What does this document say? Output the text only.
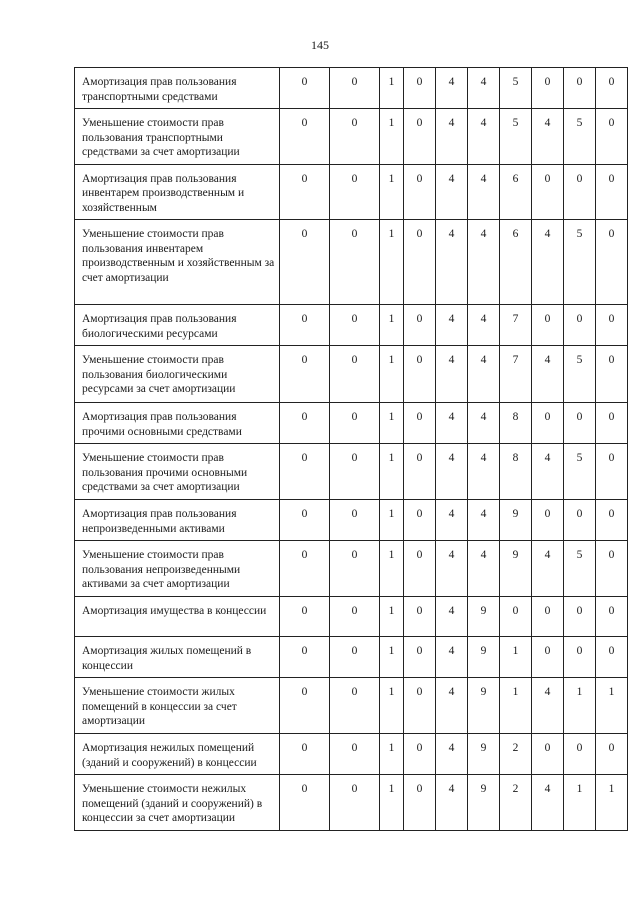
145
Амортизация прав пользования транспортными средствами	0	0	1	0	4	4	5	0	0	0
Уменьшение стоимости прав пользования транспортными средствами за счет амортизации	0	0	1	0	4	4	5	4	5	0
Амортизация прав пользования инвентарем производственным и хозяйственным	0	0	1	0	4	4	6	0	0	0
Уменьшение стоимости прав пользования инвентарем производственным и хозяйственным за счет амортизации	0	0	1	0	4	4	6	4	5	0
Амортизация прав пользования биологическими ресурсами	0	0	1	0	4	4	7	0	0	0
Уменьшение стоимости прав пользования биологическими ресурсами за счет амортизации	0	0	1	0	4	4	7	4	5	0
Амортизация прав пользования прочими основными средствами	0	0	1	0	4	4	8	0	0	0
Уменьшение стоимости прав пользования прочими основными средствами за счет амортизации	0	0	1	0	4	4	8	4	5	0
Амортизация прав пользования непроизведенными активами	0	0	1	0	4	4	9	0	0	0
Уменьшение стоимости прав пользования непроизведенными активами за счет амортизации	0	0	1	0	4	4	9	4	5	0
Амортизация имущества в концессии	0	0	1	0	4	9	0	0	0	0
Амортизация жилых помещений в концессии	0	0	1	0	4	9	1	0	0	0
Уменьшение стоимости жилых помещений в концессии за счет амортизации	0	0	1	0	4	9	1	4	1	1
Амортизация нежилых помещений (зданий и сооружений) в концессии	0	0	1	0	4	9	2	0	0	0
Уменьшение стоимости нежилых помещений (зданий и сооружений) в концессии за счет амортизации	0	0	1	0	4	9	2	4	1	1
